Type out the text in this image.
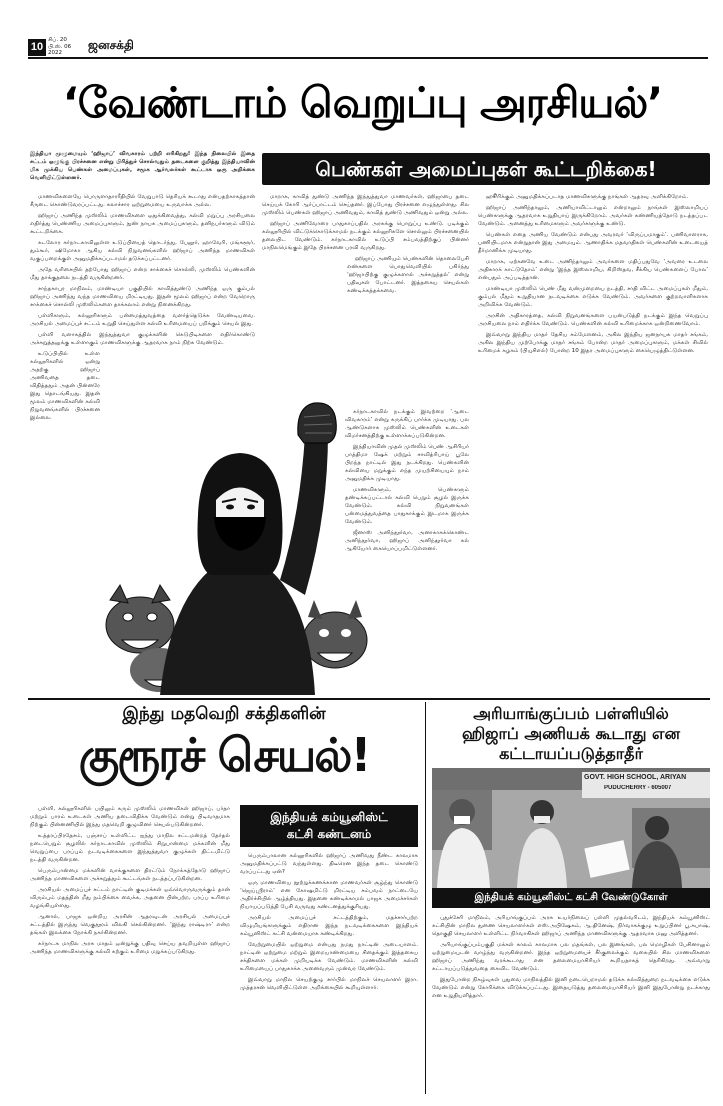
10
சிப். 20
பி.ஸ். 06
2022
ஜனசக்தி
‘வேண்டாம் வெறுப்பு அரசியல்’
இந்தியா முழுமையும் ‘ஹிஜாப்’ விவகாரம் பற்றி எரிகிறது! இந்த நிலையில் இதை சட்டம் ஒழுங்கு பிரச்சனை என்று பிரித்துச் சொல்வதும் தடைகளை குறித்து இந்தியாவின் மிக முக்கிய பெண்கள் அமைப்புகள், சமூக ஆர்வலர்கள் கூட்டாக ஒரு அறிக்கை வெளியிட்டுள்ளனர்.	பெண்கள் அமைப்புகள் கூட்டறிக்கை!

மாணவிகளையே பொருளாதாரரீதியில் வேறுபாடு தெரியக் கூடாது என்பதற்காகத்தான் சீருடை கொண்டுவரப்பட்டது. கலாச்சார ஒற்றுமையை உருவாக்க அல்ல.

ஹிஜாப் அணிந்த முஸ்லிம் மாணவிகளை ஒதுக்கிவைத்து, கல்வி மறுப்பு அரசியலை எதிர்த்து பெண்ணிய அமைப்புகளும், நுண் நாயக அமைப்புகளும், தனிநபர்களும் விடும் கூட்டறிக்கை.

கடலோர கர்நாடகாவிலுள்ள உடுப்பியைத் தொடர்ந்து, பேலூர், ஹாவேரி, மங்களூர், தும்கூர், ஷிமோகா ஆகிய கல்வி நிறுவனங்களில் ஹிஜாப் அணிந்த மாணவிகள் வகுப்பறைக்குள் அனுமதிக்கப்படாமல் தடுக்கப்பட்டனர்.

அதே வரிசையில் தற்போது ஹிஜாப் என்ற சாக்கைச் சொல்லி, முஸ்லிம் பெண்களின் மீது தாக்குதலை நடத்தி வருகின்றனர்.

சாந்தகாபுர மாநிலம், மாண்டியா பகுதியில் காவித்துண்டு அணிந்த ஒரு கும்பல் ஹிஜாப் அணிந்து வந்த மாணவியை மிரட்டியது. இதன் மூலம் ஹிஜாப் என்ற வேறொரு சாக்கைச் சொல்லி முஸ்லிம்களை தாக்கலாம் என்று நினைக்கிறது.

பள்ளிகளும், கல்லூரிகளும் பன்மைத்துவத்தை வளர்த்தெடுக்க வேண்டியவை. அரசியல் அமைப்புச் சட்டம் உறுதி செய்துள்ள கல்வி உரிமையைப் பறிக்கும் செயல் இது.

பள்ளி வளாகத்தில் இந்துத்துவா குழுக்களின் கெடுபிடிகளை எதிர்கொண்டு அச்சுறுத்தலுக்கு உள்ளாகும் மாணவிகளுக்கு ஆதரவாக நாம் நிற்க வேண்டும்.

உடுப்பியில் உள்ள கல்லூரிகளில் ஒன்று அதற்கு ஹிஜாப் அணிவதை தடை விதித்ததும் அதன் பின்னரே இது தொடங்கியது. இதன் மூலம் மாணவிகளின் கல்வி நிறுவனங்களில் பிரச்சனை இல்லை.

மாறாக, காவித் துண்டு அணிந்த இந்துத்துவா மாணவர்கள், ஹிஜாபை தடை செய்யக் கோரி ஆர்ப்பாட்டம் செய்தனர். இப்போது பிரச்சனை எழுந்துள்ளது. சில முஸ்லிம் பெண்கள் ஹிஜாப் அணிவதும், காவித் துண்டு அணிவதும் ஒன்று அல்ல.

ஹிஜாப் அணிவோரை பாதுகாப்பதில் அரசுக்கு பொறுப்பு உண்டு. படிக்கும் கல்லூரியில் விட்டுக்கொடுக்காமல் நடக்கும் கல்லூரிகளே சொல்லும் பிரச்சனையில் தலையிட வேண்டும். கர்நாடகாவில் உடுப்பி சம்பவத்திற்குப் பின்னர் மாநிலமெங்கும் இதே பிரச்சனை பரவி வருகிறது.

ஹிஜாப் அணியும் பெண்களின் தொலைபேசி எண்களை பொதுவெளியில் பகிர்ந்து ‘ஹிஜாபிற்கு குழுக்களால் அச்சுறுத்தல்’ என்று பதிவுகள் போட்டனர். இத்தகைய செயல்கள் கண்டிக்கத்தக்கவை.

கர்நாடகாவில் நடக்கும் இவற்றை ‘ஆடை விவகாரம்’ என்று சுருக்கிப் பார்க்க முடியாது. பல ஆண்டுகளாக முஸ்லிம் பெண்களின் உடைகள் விமர்சனத்திற்கு உள்ளாக்கப்படுகின்றன.

இந்தியாவின் முதல் முஸ்லிம் பெண் ஆசிரியர் பாத்திமா ஷேக் மற்றும் சாவித்ரிபாய் பூலே பிறந்த நாட்டில் இது நடக்கிறது. பெண்களின் கல்வியை மறுக்கும் எந்த முயற்சியையும் நாம் அனுமதிக்க முடியாது.

மாணவிகளும், பெண்களும் தண்டிக்கப்பட்டால் கல்வி பெறும் சூழல் இருக்க வேண்டும். கல்வி நிறுவனங்கள் பன்மைத்துவத்தை பாதுகாக்கும் இடமாக இருக்க வேண்டும்.

ஜீனாஸ் அனிந்தூர்வா, அனாகாசுக்கொண்ட அனிந்தூர்வா, ஹிஜாப் அனிந்தூர்வா கல் ஆகியோர் கையொப்பமிட்டுள்ளனர்.

ஹூரிக்கும் அனுமதிக்கப்படாத மாணவிகளுக்கு நாங்கள் ஆதரவு அளிக்கிறோம்.

ஹிஜாப் அணிந்தாலும், அணியாவிட்டாலும் என்றாலும் நாங்கள் இஸ்லாமியப் பெண்களுக்கு ஆதரவாக உறுதியாய் இருக்கிறோம். அவர்கள் கண்ணியத்தோடு நடத்தப்பட வேண்டும். அனைத்து உரிமைகளும் அவர்களுக்கு உண்டு.

பெண்கள் எதை அணிய வேண்டும் என்பது அவரவர் ‘விருப்பமாகும்’. பணிவாளராக, பணியிடமாக என்றுதான் இது அமையும். ஆணாதிக்க மதவாதிகள் பெண்களின் உடையைத் தீர்மானிக்க முடியாது.

மாறாக, ஏற்கனவே உடை அணிந்தாலும் அவர்களை மதிப்பதுவே ‘அவரை உடலை அதிகாரக் காட்டுதோம்’ என்று ‘இந்த இஸ்லாமிய, கிறிஸ்தவ, சீக்கிய பெண்களைப் போல’ என்பதும் அப்படித்தான்.

மாண்டியா முஸ்லிம் பெண் மீது வன்முறையை நடத்தி, சாதி விட்ட அமைப்புகள் மீதும், கும்பல் மீதும் உறுதியான நடவடிக்கை எடுக்க வேண்டும். அவர்களை குற்றவாளிகளாக அறிவிக்க வேண்டும்.

அரசின் அதிகாரத்தை, கல்வி நிறுவனங்களை பயன்படுத்தி நடக்கும் இந்த வெறுப்பு அரசியலை நாம் எதிர்க்க வேண்டும். பெண்களின் கல்வி உரிமைக்காக ஒன்றிணைவோம்.

இவ்வாறு இந்திய மாதர் தேசிய சம்மேளனம், அகில இந்திய ஜனநாயக மாதர் சங்கம், அகில இந்திய முற்போக்கு மாதர் சங்கம் போன்ற மாதர் அமைப்புகளும், மக்கள் சிவில் உரிமைக் கழகம் (பியுசிஎல்) போன்ற 10 இதர அமைப்புகளும் கையெழுத்திட்டுள்ளன.

இந்து மதவெறி சக்திகளின்
குரூரச் செயல்!
இந்தியக் கம்யூனிஸ்ட்
கட்சி கண்டனம்

பள்ளி, கல்லூரிகளில் பயிலும் கரும் முஸ்லிம் மாணவிகள் ஹிஜாப், பர்தா மற்றும் பாரம் உடைகள் அணிய தடைவிதிக்க வேண்டும் என்று பிடிவாதமாக நிற்கும் பின்னணியில் இந்து மதவெறி குழுவினர் செயல்படுகின்றனர்.

உத்தரப்பிரதேசம், பஞ்சாப் உள்ளிட்ட ஐந்து மாநில சட்டமன்றத் தேர்தல் நடைபெறும் சூழலில் கர்நாடகாவில் முஸ்லிம் சிறுபான்மை மக்களின் மீது வெறுப்பை பரப்பும் நடவடிக்கைகளை இந்துத்துவா குழுக்கள் திட்டமிட்டு நடத்தி வருகின்றன.

பெரும்பான்மை மக்களின் வாக்குகளை திரட்டும் நோக்கத்தோடு ஹிஜாப் அணிந்த மாணவிகளை அச்சுறுத்தும் கூட்டங்கள் நடத்தப்படுகின்றன.

அரசியல் அமைப்புச் சட்டம் நாட்டின் குடிமக்கள் ஒவ்வொருவருக்கும் தான் விரும்பும் மதத்தின் மீது நம்பிக்கை வைக்க, அதனை பின்பற்ற, பரப்ப உரிமை வழங்கியுள்ளது.

ஆனால், பாஜக ஒன்றிய அரசின் ஆதரவுடன் அரசியல் அமைப்புச் சட்டத்தில் இருந்து வெகுதூரம் விலகி செல்கின்றனர். ‘இந்து ராஷ்டிரா’ என்ற தங்கள் இலக்கை நோக்கி நகர்கின்றனர்.

கர்நாடக மாநில அரசு மாதம் ஒன்றுக்கு பதிவு செய்ய தவறியுள்ள ஹிஜாப் அணிந்த மாணவிகளுக்கு கல்வி கற்கும் உரிமை மறுக்கப்படுகிறது.

பெரும்பாலான கல்லூரிகளில் ஹிஜாப் அணிவது நீண்ட காலமாக அனுமதிக்கப்பட்டு வந்துள்ளது. திடீரென இந்த தடை கொண்டு வரப்பட்டது ஏன்?

ஒரு மாணவியை நூற்றுக்கணக்கான மாணவர்கள் சூழ்ந்து கொண்டு ‘ஜெய்ஸ்ரீராம்’ என கோஷமிட்டு மிரட்டிய சம்பவம் நாட்டையே அதிர்ச்சியில் ஆழ்த்தியது. இதனை கண்டிக்காமல் பாஜக அமைச்சர்கள் நியாயப்படுத்தி பேசி வருவது கண்டனத்துக்குரியது.

அரசியல் அமைப்புச் சட்டத்திற்கும், மதச்சார்பற்ற விழுமியங்களுக்கும் எதிரான இந்த நடவடிக்கைகளை இந்தியக் கம்யூனிஸ்ட் கட்சி வன்மையாக கண்டிக்கிறது.

வேற்றுமையில் ஒற்றுமை என்பது நமது நாட்டின் அடையாளம். நாட்டின் ஒற்றுமை மற்றும் இறையாண்மையை சிதைக்கும் இத்தகைய சக்திகளை மக்கள் முறியடிக்க வேண்டும். மாணவிகளின் கல்வி உரிமையைப் பாதுகாக்க அனைவரும் முன்வர வேண்டும்.

இவ்வாறு மாநில செயற்குழு சார்பில் மாநிலச் செயலாளர் இரா. முத்தரசன் வெளியிட்டுள்ள அறிக்கையில் கூறியுள்ளார்.

அரியாங்குப்பம் பள்ளியில்
ஹிஜாப் அணியக் கூடாது என
கட்டாயப்படுத்தாதீர்
GOVT. HIGH SCHOOL, ARIYAN
PUDUCHERRY - 605007
இந்தியக் கம்யூனிஸ்ட் கட்சி வேண்டுகோள்

புதுச்சேரி மாநிலம், அரியாங்குப்பம் அரசு உயர்நிலைப் பள்ளி முதல்வரிடம், இந்தியக் கம்யூனிஸ்ட் கட்சியின் மாநில துணை செயலாளர்கள் எஸ்.அபிஷேகம், ஆ.தினேஷ், நிர்வாகக்குழு உறுப்பினர் பூ.சுபாஷ், தொகுதி செயலாளர் உள்ளிட்ட நிர்வாகிகள் ஹிஜாப் அணிந்த மாணவிகளுக்கு ஆதரவாக மனு அளித்தனர்.

அரியாங்குப்பம்பகுதி மக்கள் காலம் காலமாக பல மதங்கள், பல இனங்கள், பல மொழிகள் பேசினாலும் ஒற்றுமையுடன் வாழ்ந்து வருகின்றனர். இந்த ஒற்றுமையைச் சீர்குலைக்கும் வகையில் சில மாணவிகளை ஹிஜாப் அணிந்து வரக்கூடாது என தலைமையாசிரியர் கூறியதாகத் தெரிகிறது. அவ்வாறு கட்டாயப்படுத்துவதை கைவிட வேண்டும்.

இதுபோன்ற நிகழ்வுகள் புதுவை மாநிலத்தில் இனி நடைபெறாமல் தடுக்க கல்வித்துறை நடவடிக்கை எடுக்க வேண்டும் என்று கோரிக்கை விடுக்கப்பட்டது. இதையடுத்து தலைமையாசிரியர் இனி இதுபோன்று நடக்காது என உறுதியளித்தார்.
